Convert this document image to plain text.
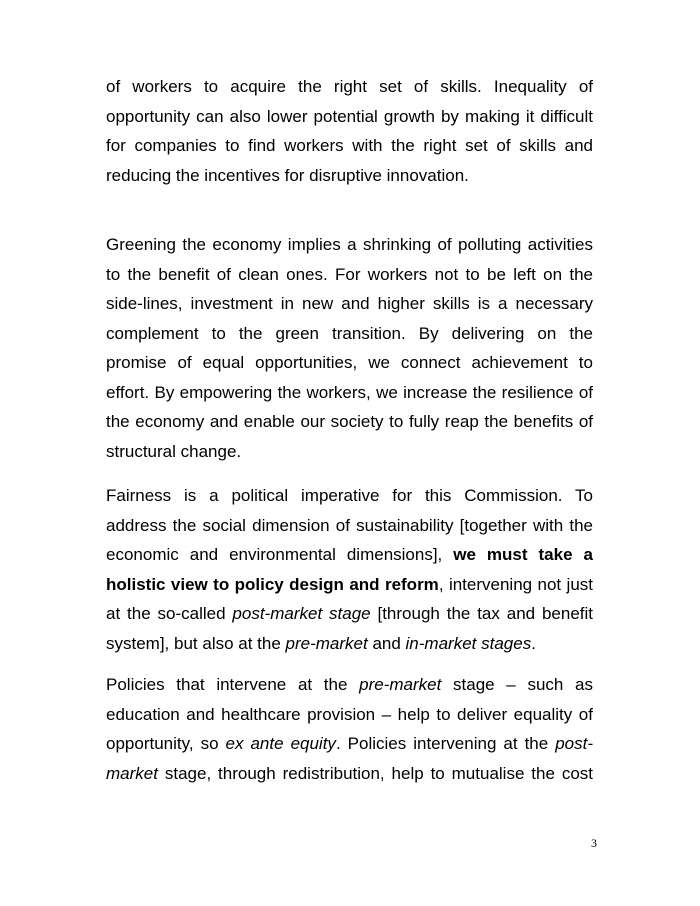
of workers to acquire the right set of skills. Inequality of
opportunity can also lower potential growth by making it difficult
for companies to find workers with the right set of skills and
reducing the incentives for disruptive innovation.
Greening the economy implies a shrinking of polluting activities
to the benefit of clean ones. For workers not to be left on the
side-lines, investment in new and higher skills is a necessary
complement to the green transition. By delivering on the
promise of equal opportunities, we connect achievement to
effort. By empowering the workers, we increase the resilience of
the economy and enable our society to fully reap the benefits of
structural change.
Fairness is a political imperative for this Commission. To
address the social dimension of sustainability [together with the
economic and environmental dimensions], we must take a
holistic view to policy design and reform, intervening not just
at the so-called post-market stage [through the tax and benefit
system], but also at the pre-market and in-market stages.
Policies that intervene at the pre-market stage – such as
education and healthcare provision – help to deliver equality of
opportunity, so ex ante equity. Policies intervening at the post-
market stage, through redistribution, help to mutualise the cost
3
